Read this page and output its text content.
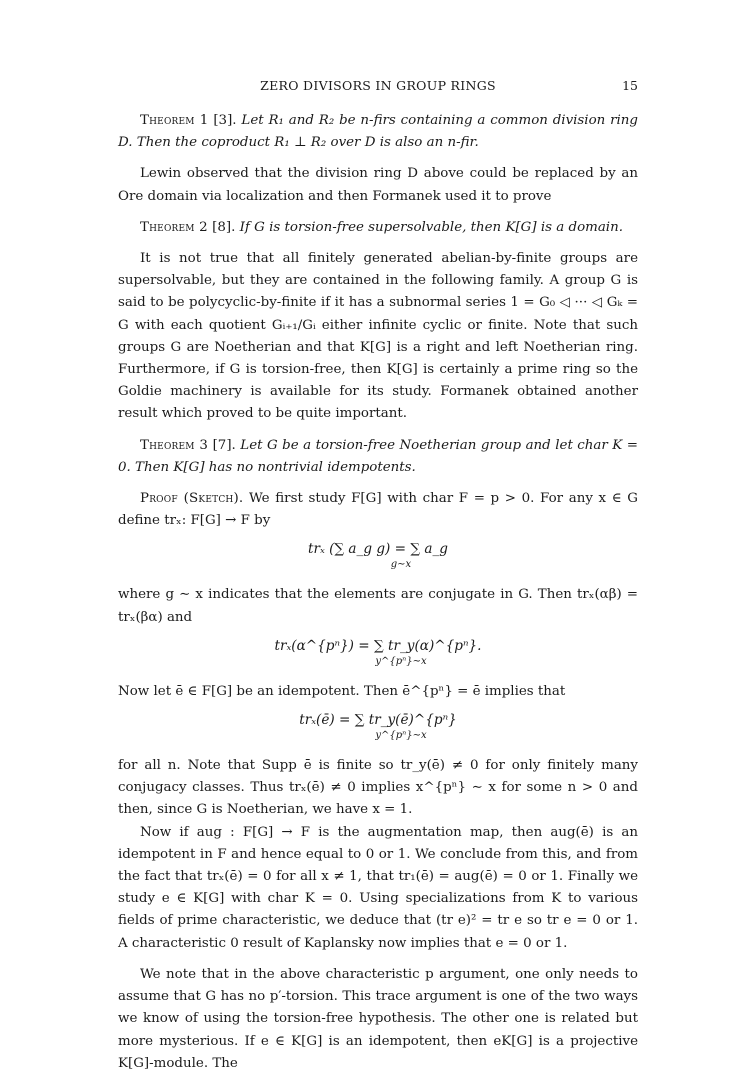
ZERO DIVISORS IN GROUP RINGS	15

Theorem 1 [3]. Let R₁ and R₂ be n-firs containing a common division ring D. Then the coproduct R₁ ⊥ R₂ over D is also an n-fir.

Lewin observed that the division ring D above could be replaced by an Ore domain via localization and then Formanek used it to prove

Theorem 2 [8]. If G is torsion-free supersolvable, then K[G] is a domain.

It is not true that all finitely generated abelian-by-finite groups are supersolvable, but they are contained in the following family. A group G is said to be polycyclic-by-finite if it has a subnormal series 1 = G₀ ◁ ··· ◁ Gₖ = G with each quotient Gᵢ₊₁/Gᵢ either infinite cyclic or finite. Note that such groups G are Noetherian and that K[G] is a right and left Noetherian ring. Furthermore, if G is torsion-free, then K[G] is certainly a prime ring so the Goldie machinery is available for its study. Formanek obtained another result which proved to be quite important.

Theorem 3 [7]. Let G be a torsion-free Noetherian group and let char K = 0. Then K[G] has no nontrivial idempotents.

Proof (Sketch). We first study F[G] with char F = p > 0. For any x ∈ G define trₓ: F[G] → F by

trₓ (∑ a_g g) = ∑ a_g
g∼x

where g ∼ x indicates that the elements are conjugate in G. Then trₓ(αβ) = trₓ(βα) and

trₓ(α^{pⁿ}) = ∑ tr_y(α)^{pⁿ}.
y^{pⁿ}∼x

Now let ē ∈ F[G] be an idempotent. Then ē^{pⁿ} = ē implies that

trₓ(ē) = ∑ tr_y(ē)^{pⁿ}
y^{pⁿ}∼x

for all n. Note that Supp ē is finite so tr_y(ē) ≠ 0 for only finitely many conjugacy classes. Thus trₓ(ē) ≠ 0 implies x^{pⁿ} ∼ x for some n > 0 and then, since G is Noetherian, we have x = 1.

Now if aug : F[G] → F is the augmentation map, then aug(ē) is an idempotent in F and hence equal to 0 or 1. We conclude from this, and from the fact that trₓ(ē) = 0 for all x ≠ 1, that tr₁(ē) = aug(ē) = 0 or 1. Finally we study e ∈ K[G] with char K = 0. Using specializations from K to various fields of prime characteristic, we deduce that (tr e)² = tr e so tr e = 0 or 1. A characteristic 0 result of Kaplansky now implies that e = 0 or 1.

We note that in the above characteristic p argument, one only needs to assume that G has no p′-torsion. This trace argument is one of the two ways we know of using the torsion-free hypothesis. The other one is related but more mysterious. If e ∈ K[G] is an idempotent, then eK[G] is a projective K[G]-module. The
